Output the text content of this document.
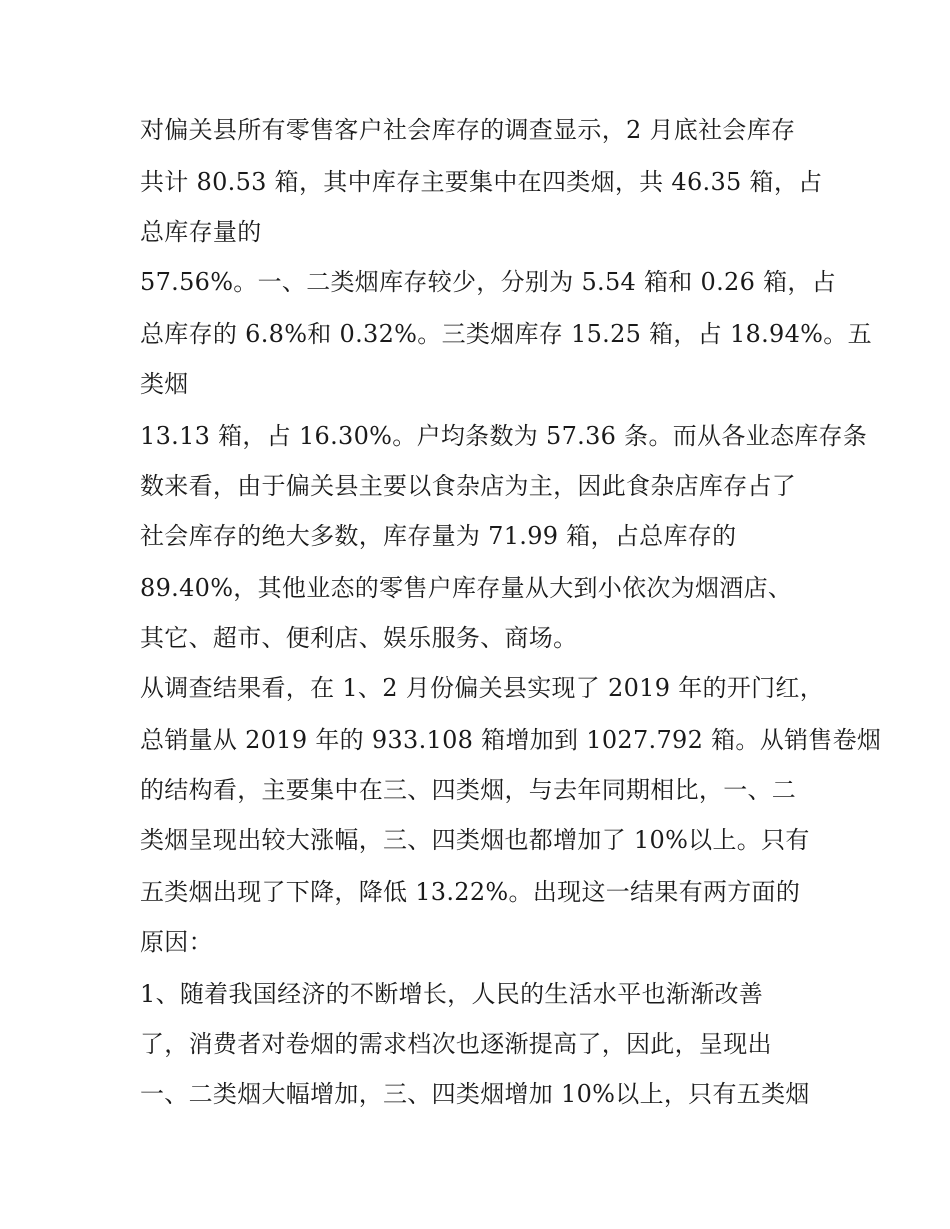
对偏关县所有零售客户社会库存的调查显示，2 月底社会库存
共计 80.53 箱，其中库存主要集中在四类烟，共 46.35 箱，占
总库存量的
57.56%。一、二类烟库存较少，分别为 5.54 箱和 0.26 箱，占
总库存的 6.8%和 0.32%。三类烟库存 15.25 箱，占 18.94%。五
类烟
13.13 箱，占 16.30%。户均条数为 57.36 条。而从各业态库存条
数来看，由于偏关县主要以食杂店为主，因此食杂店库存占了
社会库存的绝大多数，库存量为 71.99 箱，占总库存的
89.40%，其他业态的零售户库存量从大到小依次为烟酒店、
其它、超市、便利店、娱乐服务、商场。
从调查结果看，在 1、2 月份偏关县实现了 2019 年的开门红，
总销量从 2019 年的 933.108 箱增加到 1027.792 箱。从销售卷烟
的结构看，主要集中在三、四类烟，与去年同期相比，一、二
类烟呈现出较大涨幅，三、四类烟也都增加了 10%以上。只有
五类烟出现了下降，降低 13.22%。出现这一结果有两方面的
原因：
1、随着我国经济的不断增长，人民的生活水平也渐渐改善
了，消费者对卷烟的需求档次也逐渐提高了，因此，呈现出
一、二类烟大幅增加，三、四类烟增加 10%以上，只有五类烟
